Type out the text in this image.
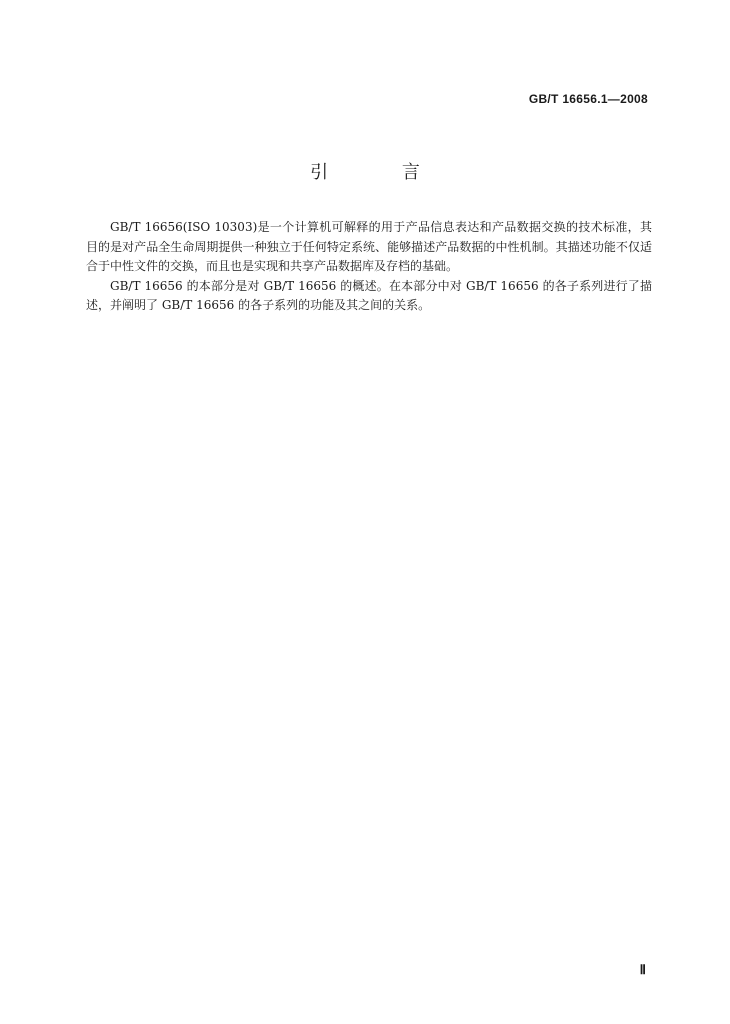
GB/T 16656.1—2008
引 言

GB/T 16656(ISO 10303)是一个计算机可解释的用于产品信息表达和产品数据交换的技术标准，其目的是对产品全生命周期提供一种独立于任何特定系统、能够描述产品数据的中性机制。其描述功能不仅适合于中性文件的交换，而且也是实现和共享产品数据库及存档的基础。

GB/T 16656 的本部分是对 GB/T 16656 的概述。在本部分中对 GB/T 16656 的各子系列进行了描述，并阐明了 GB/T 16656 的各子系列的功能及其之间的关系。

Ⅱ
